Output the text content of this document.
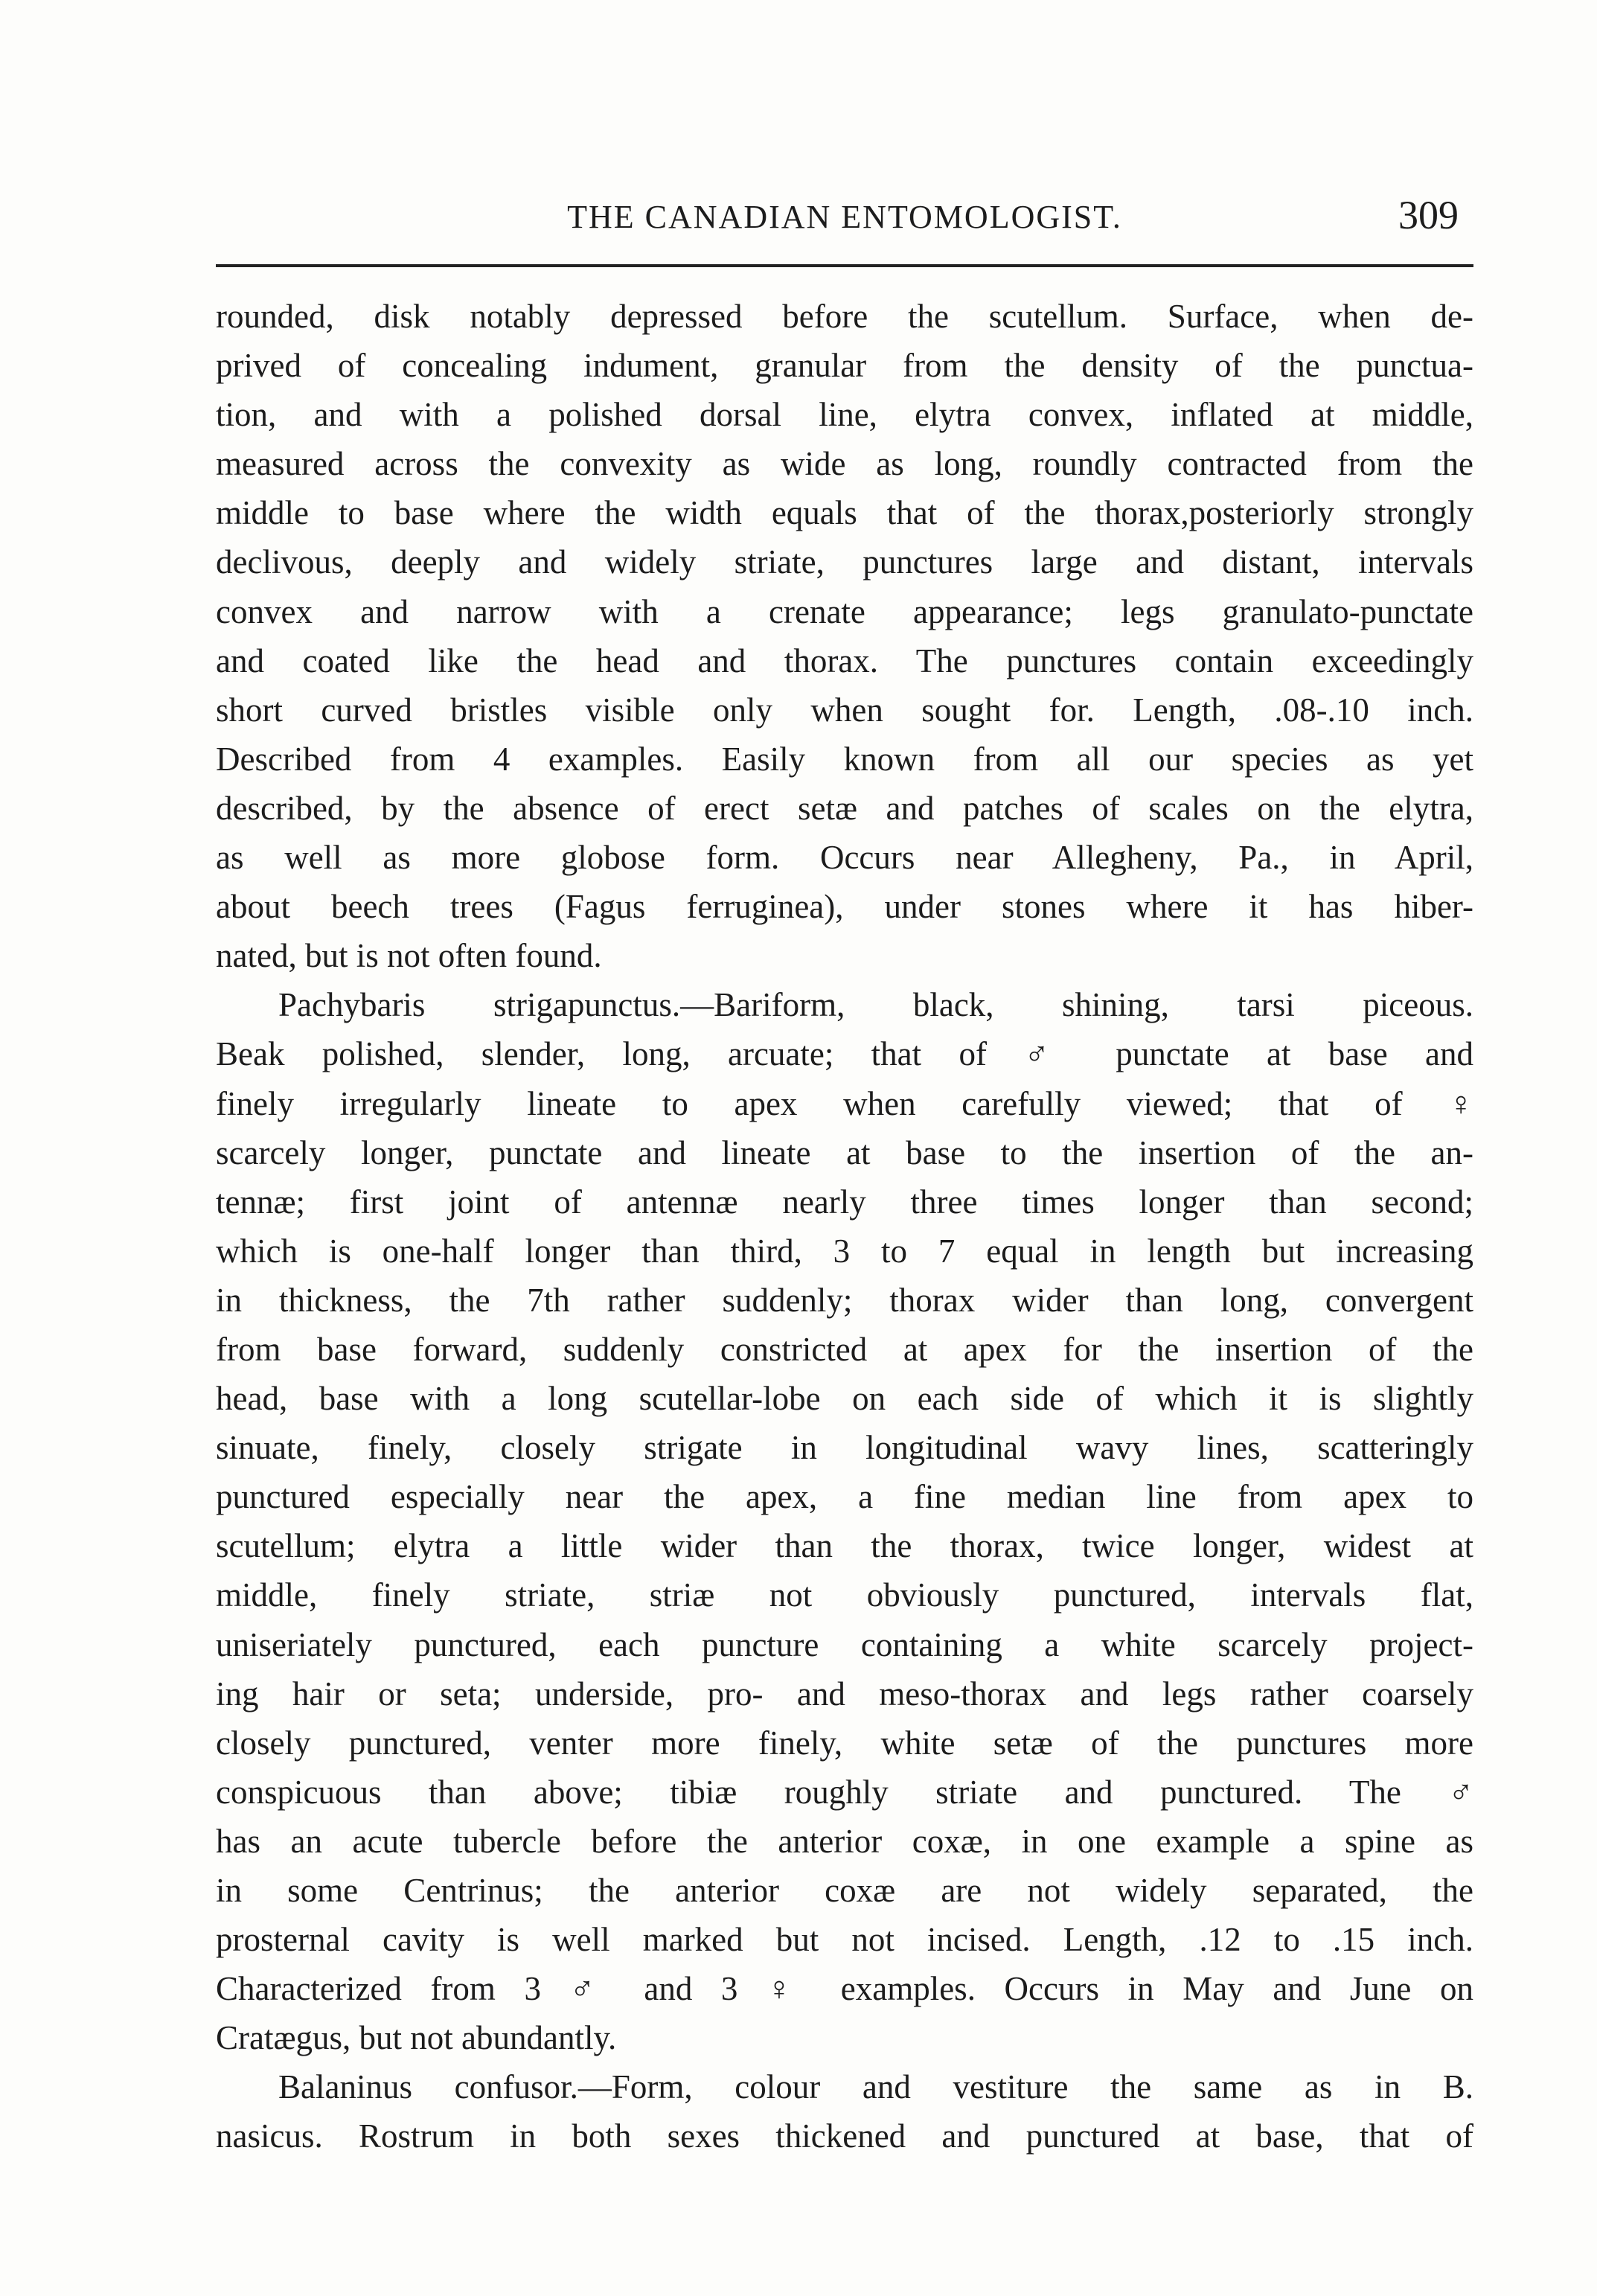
THE CANADIAN ENTOMOLOGIST.	309
rounded, disk notably depressed before the scutellum. Surface, when de-
prived of concealing indument, granular from the density of the punctua-
tion, and with a polished dorsal line, elytra convex, inflated at middle,
measured across the convexity as wide as long, roundly contracted from the
middle to base where the width equals that of the thorax,posteriorly strongly
declivous, deeply and widely striate, punctures large and distant, intervals
convex and narrow with a crenate appearance; legs granulato-punctate
and coated like the head and thorax. The punctures contain exceedingly
short curved bristles visible only when sought for. Length, .08-.10 inch.
Described from 4 examples. Easily known from all our species as yet
described, by the absence of erect setæ and patches of scales on the elytra,
as well as more globose form. Occurs near Allegheny, Pa., in April,
about beech trees (Fagus ferruginea), under stones where it has hiber-
nated, but is not often found.
Pachybaris strigapunctus.—Bariform, black, shining, tarsi piceous.
Beak polished, slender, long, arcuate; that of ♂ punctate at base and
finely irregularly lineate to apex when carefully viewed; that of ♀
scarcely longer, punctate and lineate at base to the insertion of the an-
tennæ; first joint of antennæ nearly three times longer than second;
which is one-half longer than third, 3 to 7 equal in length but increasing
in thickness, the 7th rather suddenly; thorax wider than long, convergent
from base forward, suddenly constricted at apex for the insertion of the
head, base with a long scutellar-lobe on each side of which it is slightly
sinuate, finely, closely strigate in longitudinal wavy lines, scatteringly
punctured especially near the apex, a fine median line from apex to
scutellum; elytra a little wider than the thorax, twice longer, widest at
middle, finely striate, striæ not obviously punctured, intervals flat,
uniseriately punctured, each puncture containing a white scarcely project-
ing hair or seta; underside, pro- and meso-thorax and legs rather coarsely
closely punctured, venter more finely, white setæ of the punctures more
conspicuous than above; tibiæ roughly striate and punctured. The ♂
has an acute tubercle before the anterior coxæ, in one example a spine as
in some Centrinus; the anterior coxæ are not widely separated, the
prosternal cavity is well marked but not incised. Length, .12 to .15 inch.
Characterized from 3 ♂ and 3 ♀ examples. Occurs in May and June on
Cratægus, but not abundantly.
Balaninus confusor.—Form, colour and vestiture the same as in B.
nasicus. Rostrum in both sexes thickened and punctured at base, that of
